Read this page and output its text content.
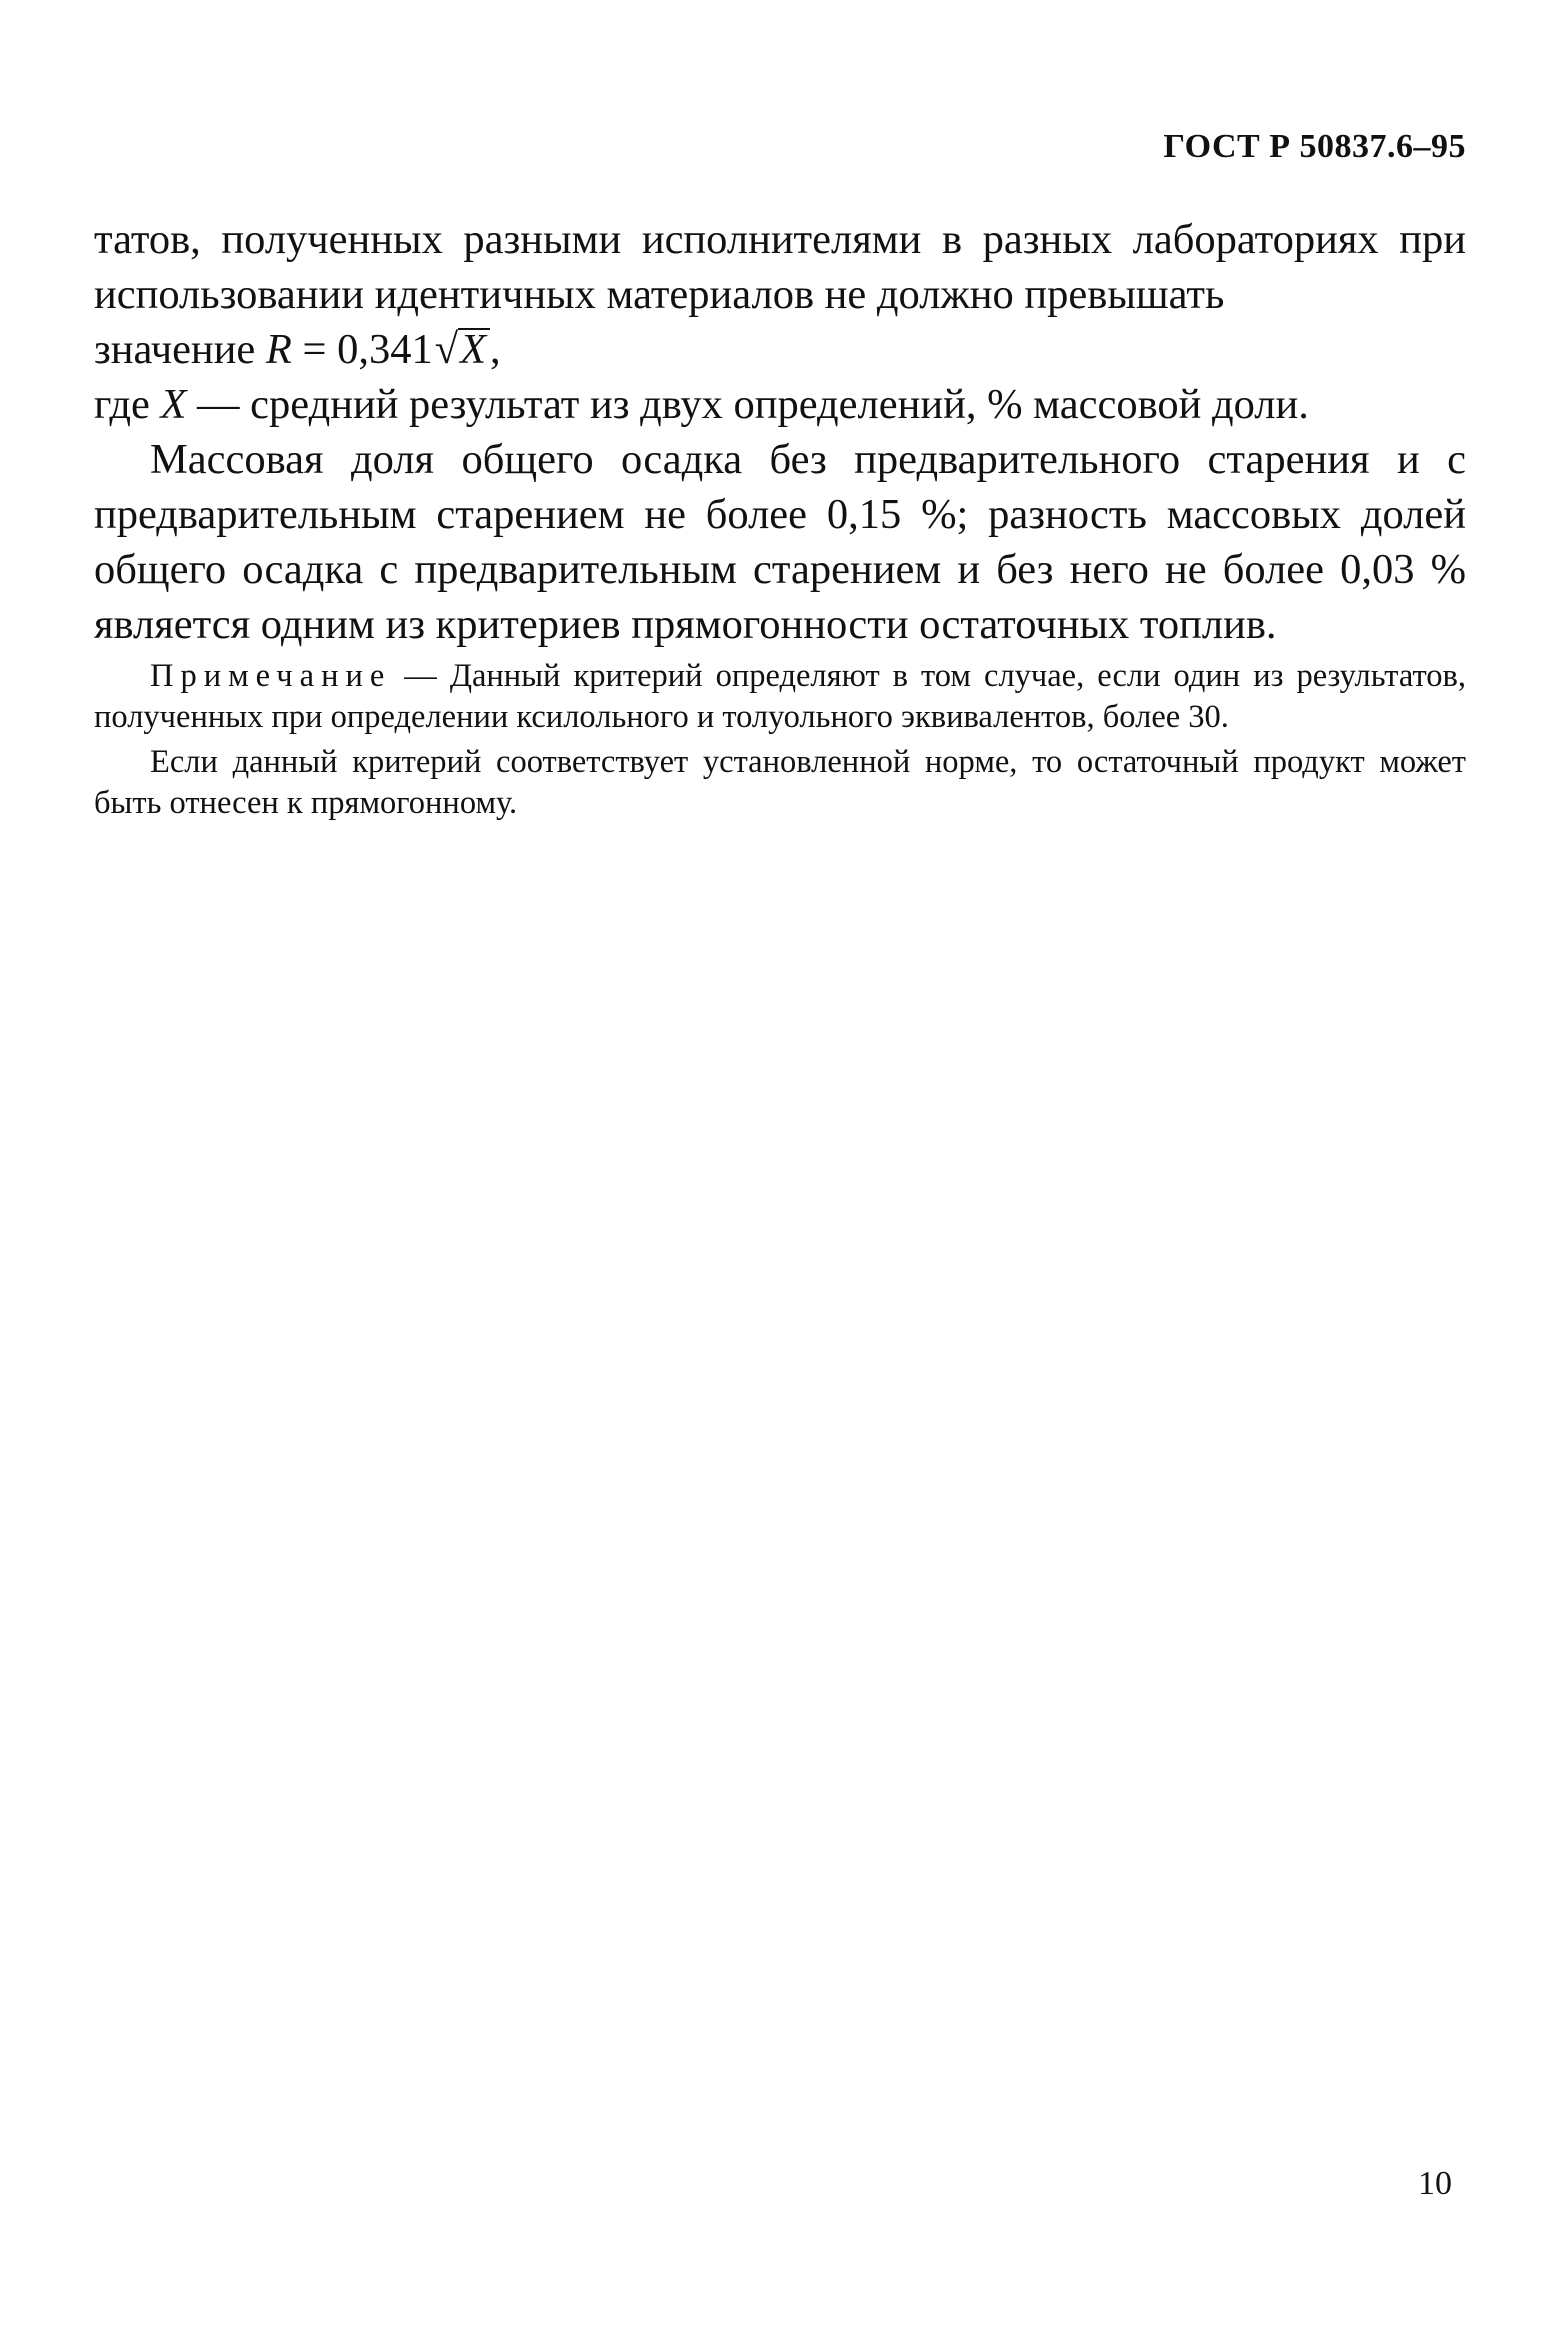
ГОСТ Р 50837.6–95

татов, полученных разными исполнителями в разных лабораториях при использовании идентичных материалов не должно превышать

значение R = 0,341√X,

где X — средний результат из двух определений, % массовой доли.

Массовая доля общего осадка без предварительного старения и с предварительным старением не более 0,15 %; разность массовых долей общего осадка с предварительным старением и без него не более 0,03 % является одним из критериев прямогонности остаточных топлив.

Примечание — Данный критерий определяют в том случае, если один из результатов, полученных при определении ксилольного и толуольного эквивалентов, более 30.

Если данный критерий соответствует установленной норме, то остаточный продукт может быть отнесен к прямогонному.

10
